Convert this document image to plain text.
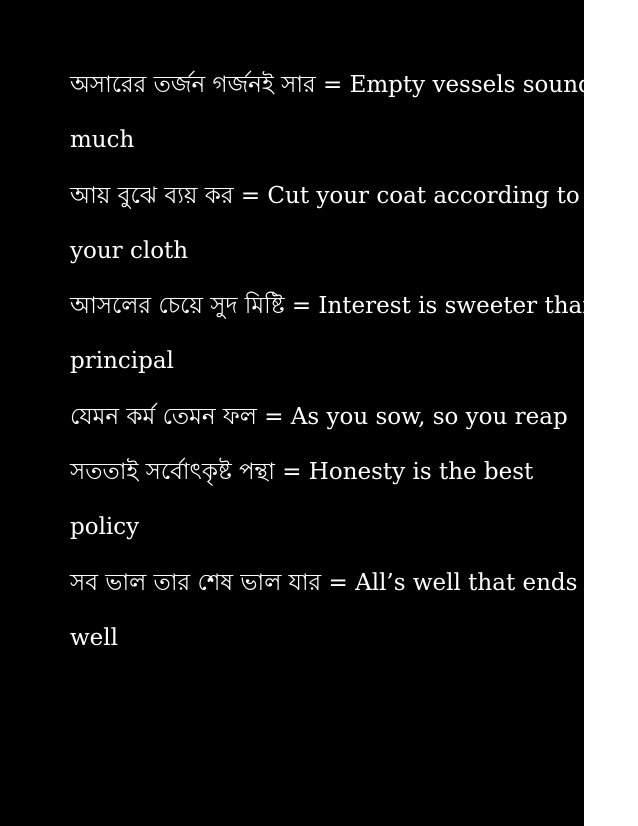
অসারের তর্জন গর্জনই সার = Empty vessels sound
much
আয় বুঝে ব্যয় কর = Cut your coat according to
your cloth
আসলের চেয়ে সুদ মিষ্টি = Interest is sweeter than
principal
যেমন কর্ম তেমন ফল = As you sow, so you reap
সততাই সর্বোৎকৃষ্ট পন্থা = Honesty is the best
policy
সব ভাল তার শেষ ভাল যার = All’s well that ends
well
